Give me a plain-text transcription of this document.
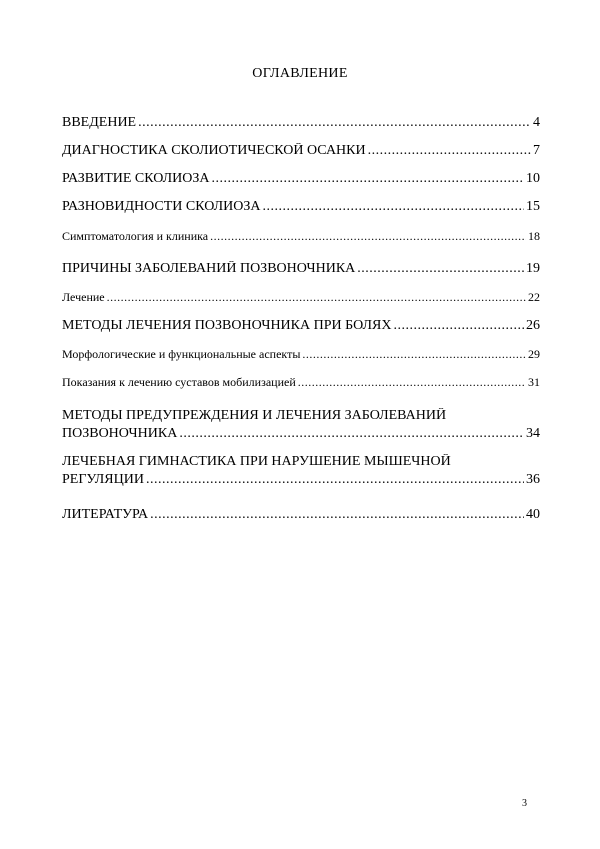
ОГЛАВЛЕНИЕ
ВВЕДЕНИЕ .....	4
ДИАГНОСТИКА СКОЛИОТИЧЕСКОЙ ОСАНКИ .....	7
РАЗВИТИЕ СКОЛИОЗА .....	10
РАЗНОВИДНОСТИ СКОЛИОЗА .....	15
Симптоматология и клиника .....	18
ПРИЧИНЫ ЗАБОЛЕВАНИЙ ПОЗВОНОЧНИКА .....	19
Лечение .....	22
МЕТОДЫ ЛЕЧЕНИЯ ПОЗВОНОЧНИКА ПРИ БОЛЯХ .....	26
Морфологические и функциональные аспекты .....	29
Показания к лечению суставов мобилизацией .....	31
МЕТОДЫ ПРЕДУПРЕЖДЕНИЯ И ЛЕЧЕНИЯ ЗАБОЛЕВАНИЙ
ПОЗВОНОЧНИКА .....	34
ЛЕЧЕБНАЯ ГИМНАСТИКА ПРИ НАРУШЕНИЕ МЫШЕЧНОЙ
РЕГУЛЯЦИИ .....	36
ЛИТЕРАТУРА .....	40
3
